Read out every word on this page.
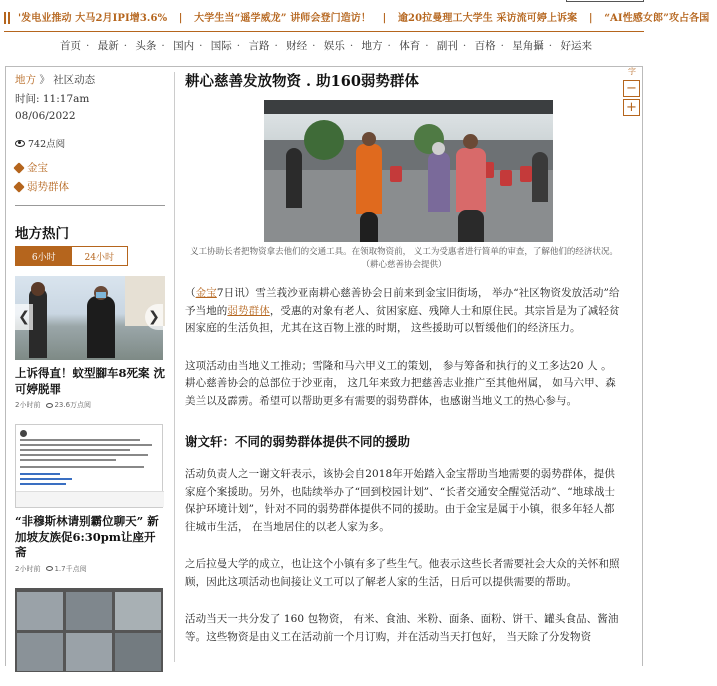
'发电业推动 大马2月IPI增3.6% | 大学生当“遥学威龙” 讲师会登门造访！ | 逾20拉曼理工大学生 采访流可婷上诉案 | “AI性感女郎”攻占各国
首页 · 最新 · 头条 · 国内 · 国际 · 言路 · 财经 · 娱乐 · 地方 · 体育 · 副刊 · 百格 · 星角攝 · 好运来
地方 》 社区动态
时间: 11:17am
08/06/2022
742点阅
金宝
弱势群体
地方热门
6小时	24小时
❮	❯
上诉得直！蚊型腳车8死案 沈可婷脱罪
2小时前	23.6万点阅
“非穆斯林请别霸位聊天” 新加坡友族促6:30pm让座开斋
2小时前	1.7千点阅
耕心慈善发放物资 . 助160弱势群体
义工协助长者把物资拿去他们的交通工具。在领取物资前， 义工为受惠者进行简单的审查，了解他们的经济状况。（耕心慈善协会提供）

（金宝7日讯）雪兰莪沙亚南耕心慈善协会日前来到金宝旧街场， 举办“社区物资发放活动”给予当地的弱势群体，受惠的对象有老人、贫困家庭、残障人士和原住民。其宗旨是为了减轻贫困家庭的生活负担，尤其在这百物上涨的时期， 这些援助可以暂缓他们的经济压力。

这项活动由当地义工推动；雪隆和马六甲义工的策划， 参与筹备和执行的义工多达20 人 。 耕心慈善协会的总部位于沙亚南， 这几年来致力把慈善志业推广至其他州属， 如马六甲、森美兰以及霹雳。希望可以帮助更多有需要的弱势群体，也感谢当地义工的热心参与。

谢文轩：不同的弱势群体提供不同的援助

活动负责人之一谢文轩表示，该协会自2018年开始踏入金宝帮助当地需要的弱势群体，提供家庭个案援助。另外，也陆续举办了“回到校园计划”、“长者交通安全醒觉活动”、“地球战士保护环境计划”，针对不同的弱势群体提供不同的援助。由于金宝是属于小镇，很多年轻人都往城市生活， 在当地居住的以老人家为多。

之后拉曼大学的成立，也让这个小镇有多了些生气。他表示这些长者需要社会大众的关怀和照顾，因此这项活动也间接让义工可以了解老人家的生活，日后可以提供需要的帮助。

活动当天一共分发了 160 包物资， 有米、食油、米粉、面条、面粉、饼干、罐头食品、酱油等。这些物资是由义工在活动前一个月订购，并在活动当天打包好， 当天除了分发物资

字
−
+
